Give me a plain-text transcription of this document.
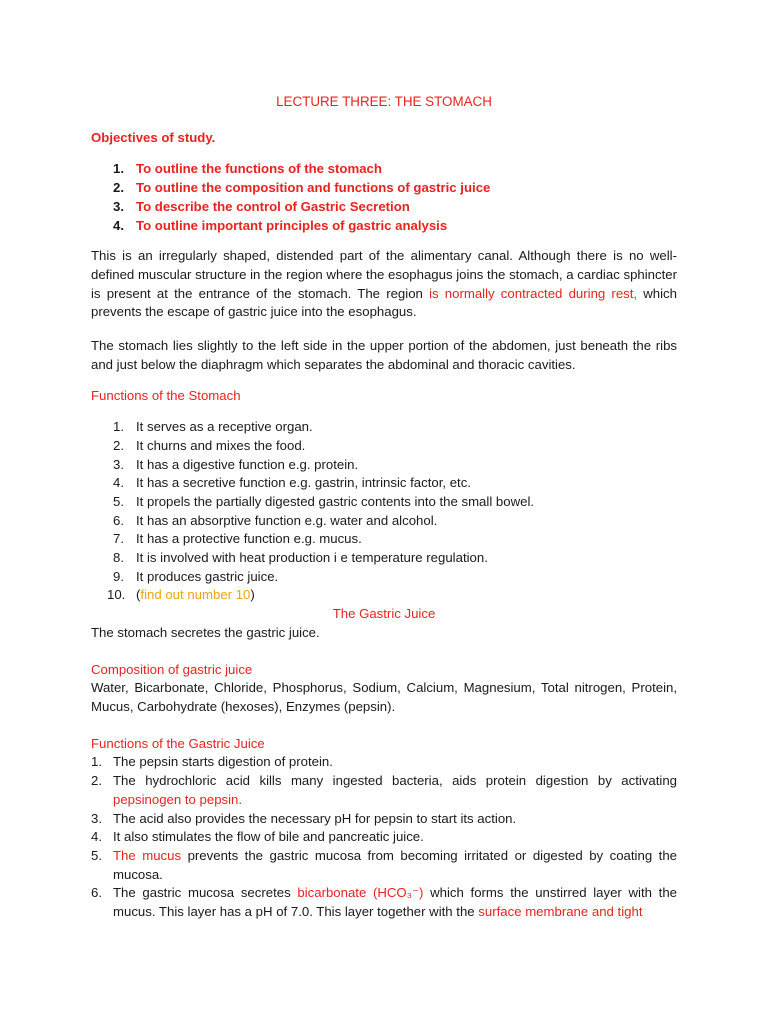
LECTURE THREE: THE STOMACH
Objectives of study.
1. To outline the functions of the stomach
2. To outline the composition and functions of gastric juice
3. To describe the control of Gastric Secretion
4. To outline important principles of gastric analysis

This is an irregularly shaped, distended part of the alimentary canal. Although there is no well-defined muscular structure in the region where the esophagus joins the stomach, a cardiac sphincter is present at the entrance of the stomach. The region is normally contracted during rest, which prevents the escape of gastric juice into the esophagus.

The stomach lies slightly to the left side in the upper portion of the abdomen, just beneath the ribs and just below the diaphragm which separates the abdominal and thoracic cavities.

Functions of the Stomach
1. It serves as a receptive organ.
2. It churns and mixes the food.
3. It has a digestive function e.g. protein.
4. It has a secretive function e.g. gastrin, intrinsic factor, etc.
5. It propels the partially digested gastric contents into the small bowel.
6. It has an absorptive function e.g. water and alcohol.
7. It has a protective function e.g. mucus.
8. It is involved with heat production i e temperature regulation.
9. It produces gastric juice.
10. (find out number 10)
The Gastric Juice
The stomach secretes the gastric juice.
Composition of gastric juice

Water, Bicarbonate, Chloride, Phosphorus, Sodium, Calcium, Magnesium, Total nitrogen, Protein, Mucus, Carbohydrate (hexoses), Enzymes (pepsin).

Functions of the Gastric Juice
1. The pepsin starts digestion of protein.
2. The hydrochloric acid kills many ingested bacteria, aids protein digestion by activating pepsinogen to pepsin.
3. The acid also provides the necessary pH for pepsin to start its action.
4. It also stimulates the flow of bile and pancreatic juice.
5. The mucus prevents the gastric mucosa from becoming irritated or digested by coating the mucosa.
6. The gastric mucosa secretes bicarbonate (HCO₃⁻) which forms the unstirred layer with the mucus. This layer has a pH of 7.0. This layer together with the surface membrane and tight
